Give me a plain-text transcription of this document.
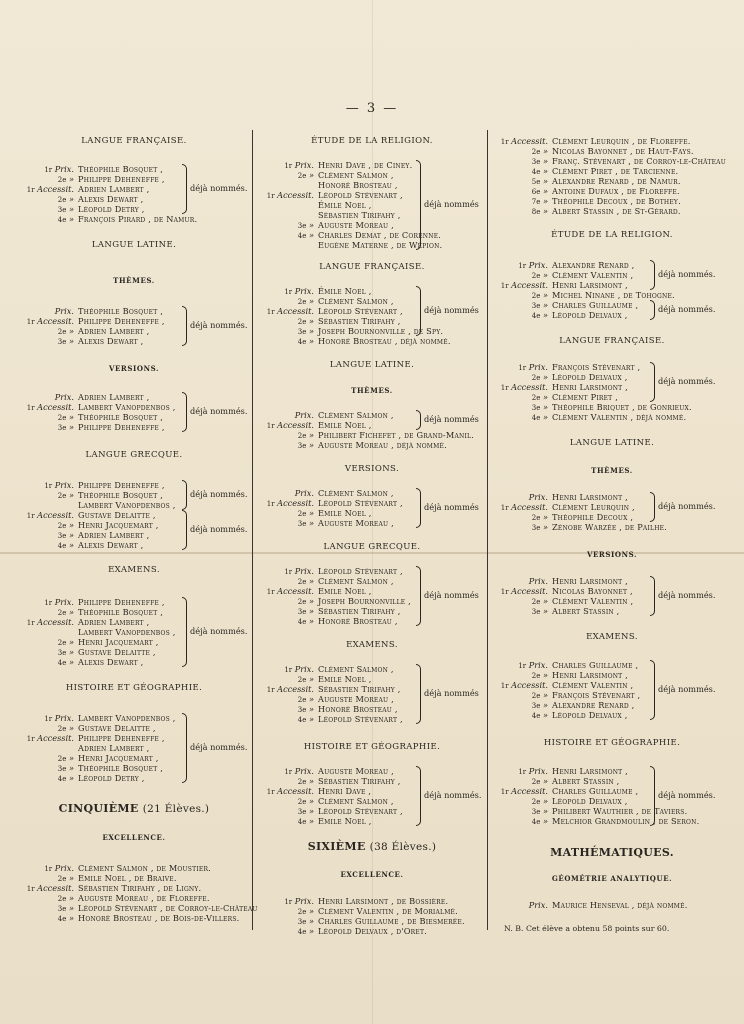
— 3 —
LANGUE FRANÇAISE.
1r Prix. Théophile Bosquet ,
2e » Philippe Deheneffe ,
1r Accessit. Adrien Lambert ,
2e » Alexis Dewart ,
3e » Léopold Detry ,
4e » François Pirard , de Namur.
déjà nommés.
LANGUE LATINE.
THÈMES.
Prix. Théophile Bosquet ,
1r Accessit. Philippe Deheneffe ,
2e » Adrien Lambert ,
3e » Alexis Dewart ,
déjà nommés.
VERSIONS.
Prix. Adrien Lambert ,
1r Accessit. Lambert Vanopdenbos ,
2e » Théophile Bosquet ,
3e » Philippe Deheneffe ,
déjà nommés.
LANGUE GRECQUE.
1r Prix. Philippe Deheneffe ,
2e » Théophile Bosquet ,
Lambert Vanopdenbos ,
1r Accessit. Gustave Delaitte ,
2e » Henri Jacquemart ,
3e » Adrien Lambert ,
4e » Alexis Dewart ,
déjà nommés.
déjà nommés.
EXAMENS.
1r Prix. Philippe Deheneffe ,
2e » Théophile Bosquet ,
1r Accessit. Adrien Lambert ,
Lambert Vanopdenbos ,
2e » Henri Jacquemart ,
3e » Gustave Delaitte ,
4e » Alexis Dewart ,
déjà nommés.
HISTOIRE ET GÉOGRAPHIE.
1r Prix. Lambert Vanopdenbos ,
2e » Gustave Delaitte ,
1r Accessit. Philippe Deheneffe ,
Adrien Lambert ,
2e » Henri Jacquemart ,
3e » Théophile Bosquet ,
4e » Léopold Detry ,
déjà nommés.
CINQUIÈME (21 Élèves.)
EXCELLENCE.
1r Prix. Clément Salmon , de Moustier.
2e » Emile Noel , de Braive.
1r Accessit. Sébastien Tirifahy , de Ligny.
2e » Auguste Moreau , de Floreffe.
3e » Léopold Stévenart , de Corroy-le-Château
4e » Honoré Brosteau , de Bois-de-Villers.
ÉTUDE DE LA RELIGION.
1r Prix. Henri Dave , de Ciney.
2e » Clément Salmon ,
Honoré Brosteau ,
1r Accessit. Léopold Stévenart ,
Émile Noel ,
Sébastien Tirifahy ,
3e » Auguste Moreau ,
4e » Charles Demat , de Corenne.
Eugène Materne , de Wépion.
déjà nommés
LANGUE FRANÇAISE.
1r Prix. Émile Noel ,
2e » Clément Salmon ,
1r Accessit. Léopold Stévenart ,
2e » Sébastien Tirifahy ,
3e » Joseph Bournonville , de Spy.
4e » Honoré Brosteau , déjà nommé.
déjà nommés
LANGUE LATINE.
THÈMES.
Prix. Clément Salmon ,
1r Accessit. Emile Noel ,
2e » Philibert Fichefet , de Grand-Manil.
3e » Auguste Moreau , déjà nommé.
déjà nommés
VERSIONS.
Prix. Clément Salmon ,
1r Accessit. Léopold Stévenart ,
2e » Emile Noel ,
3e » Auguste Moreau ,
déjà nommés
LANGUE GRECQUE.
1r Prix. Léopold Stévenart ,
2e » Clément Salmon ,
1r Accessit. Emile Noel ,
2e » Joseph Bournonville ,
3e » Sébastien Tirifahy ,
4e » Honoré Brosteau ,
déjà nommés
EXAMENS.
1r Prix. Clément Salmon ,
2e » Emile Noel ,
1r Accessit. Sébastien Tirifahy ,
2e » Auguste Moreau ,
3e » Honoré Brosteau ,
4e » Léopold Stévenart ,
déjà nommés
HISTOIRE ET GÉOGRAPHIE.
1r Prix. Auguste Moreau ,
2e » Sébastien Tirifahy ,
1r Accessit. Henri Dave ,
2e » Clément Salmon ,
3e » Léopold Stévenart ,
4e » Emile Noel ,
déjà nommés.
SIXIÈME (38 Élèves.)
EXCELLENCE.
1r Prix. Henri Larsimont , de Bossière.
2e » Clément Valentin , de Morialmé.
3e » Charles Guillaume , de Biesmerée.
4e » Léopold Delvaux , d'Oret.
1r Accessit. Clément Leurquin , de Floreffe.
2e » Nicolas Bayonnet , de Haut-Fays.
3e » Franç. Stévenart , de Corroy-le-Château
4e » Clément Piret , de Tarcienne.
5e » Alexandre Renard , de Namur.
6e » Antoine Dufaux , de Floreffe.
7e » Théophile Decoux , de Bothey.
8e » Albert Stassin , de St-Gérard.
ÉTUDE DE LA RELIGION.
1r Prix. Alexandre Renard ,
2e » Clément Valentin ,
1r Accessit. Henri Larsimont ,
2e » Michel Ninane , de Tohogne.
3e » Charles Guillaume ,
4e » Léopold Delvaux ,
déjà nommés.
déjà nommés.
LANGUE FRANÇAISE.
1r Prix. François Stévenart ,
2e » Léopold Delvaux ,
1r Accessit. Henri Larsimont ,
2e » Clément Piret ,
3e » Théophile Briquet , de Gonrieux.
4e » Clément Valentin , déjà nommé.
déjà nommés.
LANGUE LATINE.
THÈMES.
Prix. Henri Larsimont ,
1r Accessit. Clément Leurquin ,
2e » Théophile Decoux ,
3e » Zénobe Warzée , de Pailhe.
déjà nommés.
VERSIONS.
Prix. Henri Larsimont ,
1r Accessit. Nicolas Bayonnet ,
2e » Clément Valentin ,
3e » Albert Stassin ,
déjà nommés.
EXAMENS.
1r Prix. Charles Guillaume ,
2e » Henri Larsimont ,
1r Accessit. Clément Valentin ,
2e » François Stévenart ,
3e » Alexandre Renard ,
4e » Léopold Delvaux ,
déjà nommés.
HISTOIRE ET GÉOGRAPHIE.
1r Prix. Henri Larsimont ,
2e » Albert Stassin ,
1r Accessit. Charles Guillaume ,
2e » Léopold Delvaux ,
3e » Philibert Wauthier , de Taviers.
4e » Melchior Grandmoulin , de Seron.
déjà nommés.
MATHÉMATIQUES.
GÉOMÉTRIE ANALYTIQUE.
Prix. Maurice Henseval , déjà nommé.
N. B. Cet élève a obtenu 58 points sur 60.
